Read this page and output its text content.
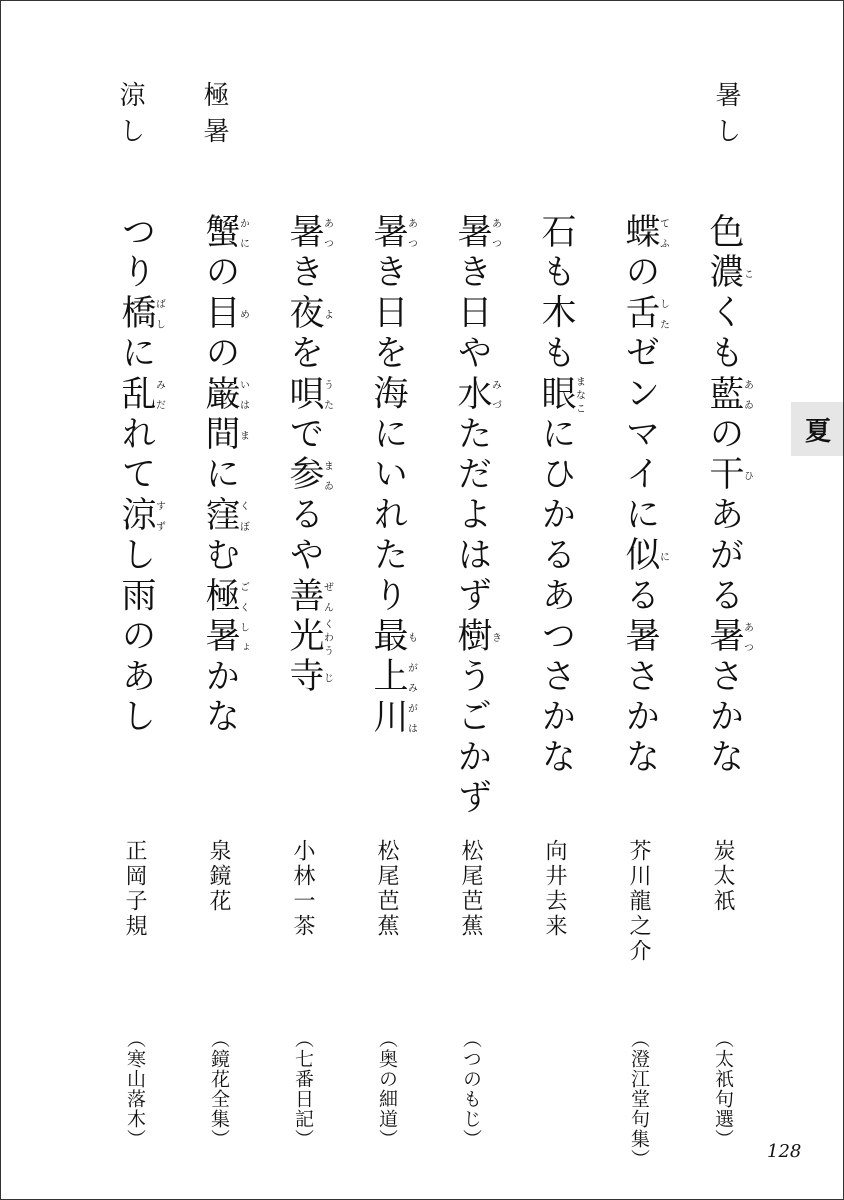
暑し
極暑
涼し
色濃こくも藍あゐの干ひあがる暑あつさかな
蝶てふの舌したゼンマイに似にる暑さかな
石も木も眼まなこにひかるあつさかな
暑あつき日や水みづただよはず樹きうごかず
暑あつき日を海にいれたり最も上がみ川がは
暑あつき夜よを唄うたで参まゐるや善ぜん光くわう寺じ
蟹かにの目めの巌いは間まに窪くぼむ極ごく暑しょかな
つり橋ばしに乱みだれて涼すずし雨のあし
炭太祇
芥川龍之介
向井去来
松尾芭蕉
松尾芭蕉
小林一茶
泉鏡花
正岡子規
（太祇句選）
（澄江堂句集）
（つのもじ）
（奥の細道）
（七番日記）
（鏡花全集）
（寒山落木）
夏
128
